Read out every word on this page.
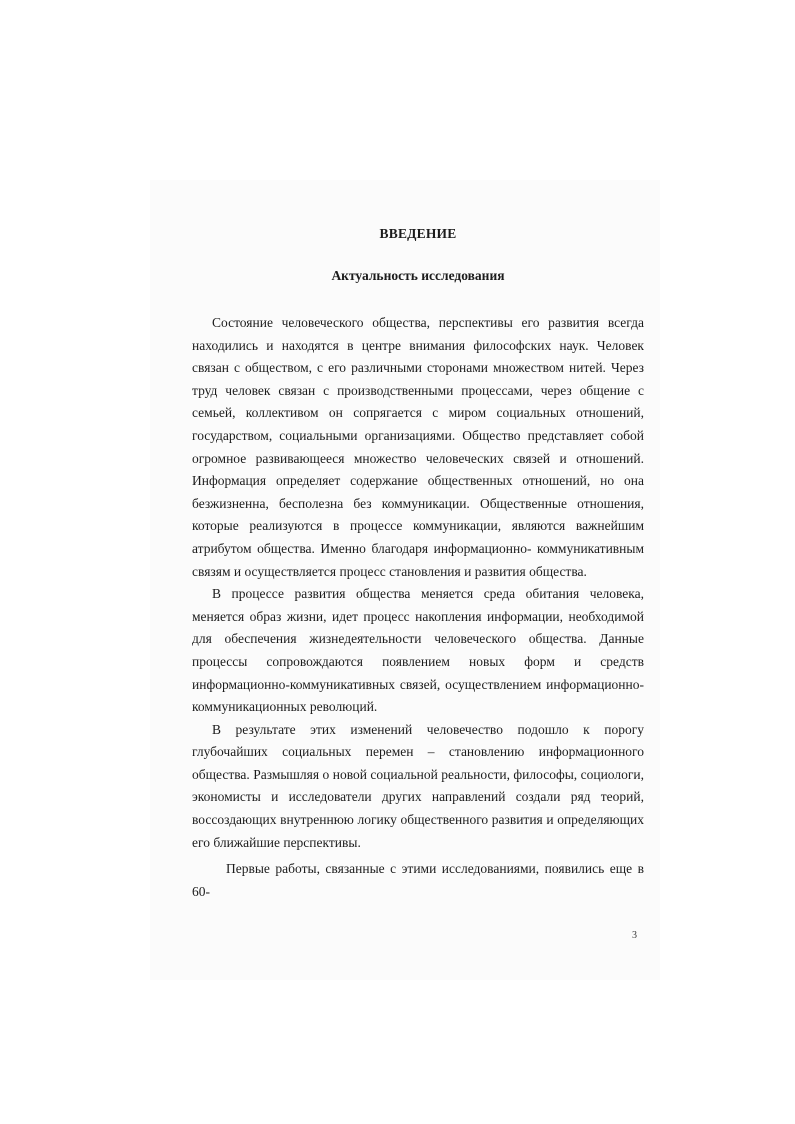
ВВЕДЕНИЕ
Актуальность исследования

Состояние человеческого общества, перспективы его развития всегда находились и находятся в центре внимания философских наук. Человек связан с обществом, с его различными сторонами множеством нитей. Через труд человек связан с производственными процессами, через общение с семьей, коллективом он сопрягается с миром социальных отношений, государством, социальными организациями. Общество представляет собой огромное развивающееся множество человеческих связей и отношений. Информация определяет содержание общественных отношений, но она безжизненна, бесполезна без коммуникации. Общественные отношения, которые реализуются в процессе коммуникации, являются важнейшим атрибутом общества. Именно благодаря информационно- коммуникативным связям и осуществляется процесс становления и развития общества.

В процессе развития общества меняется среда обитания человека, меняется образ жизни, идет процесс накопления информации, необходимой для обеспечения жизнедеятельности человеческого общества. Данные процессы сопровождаются появлением новых форм и средств информационно-коммуникативных связей, осуществлением информационно-коммуникационных революций.

В результате этих изменений человечество подошло к порогу глубочайших социальных перемен – становлению информационного общества. Размышляя о новой социальной реальности, философы, социологи, экономисты и исследователи других направлений создали ряд теорий, воссоздающих внутреннюю логику общественного развития и определяющих его ближайшие перспективы.

Первые работы, связанные с этими исследованиями, появились еще в 60-

3
